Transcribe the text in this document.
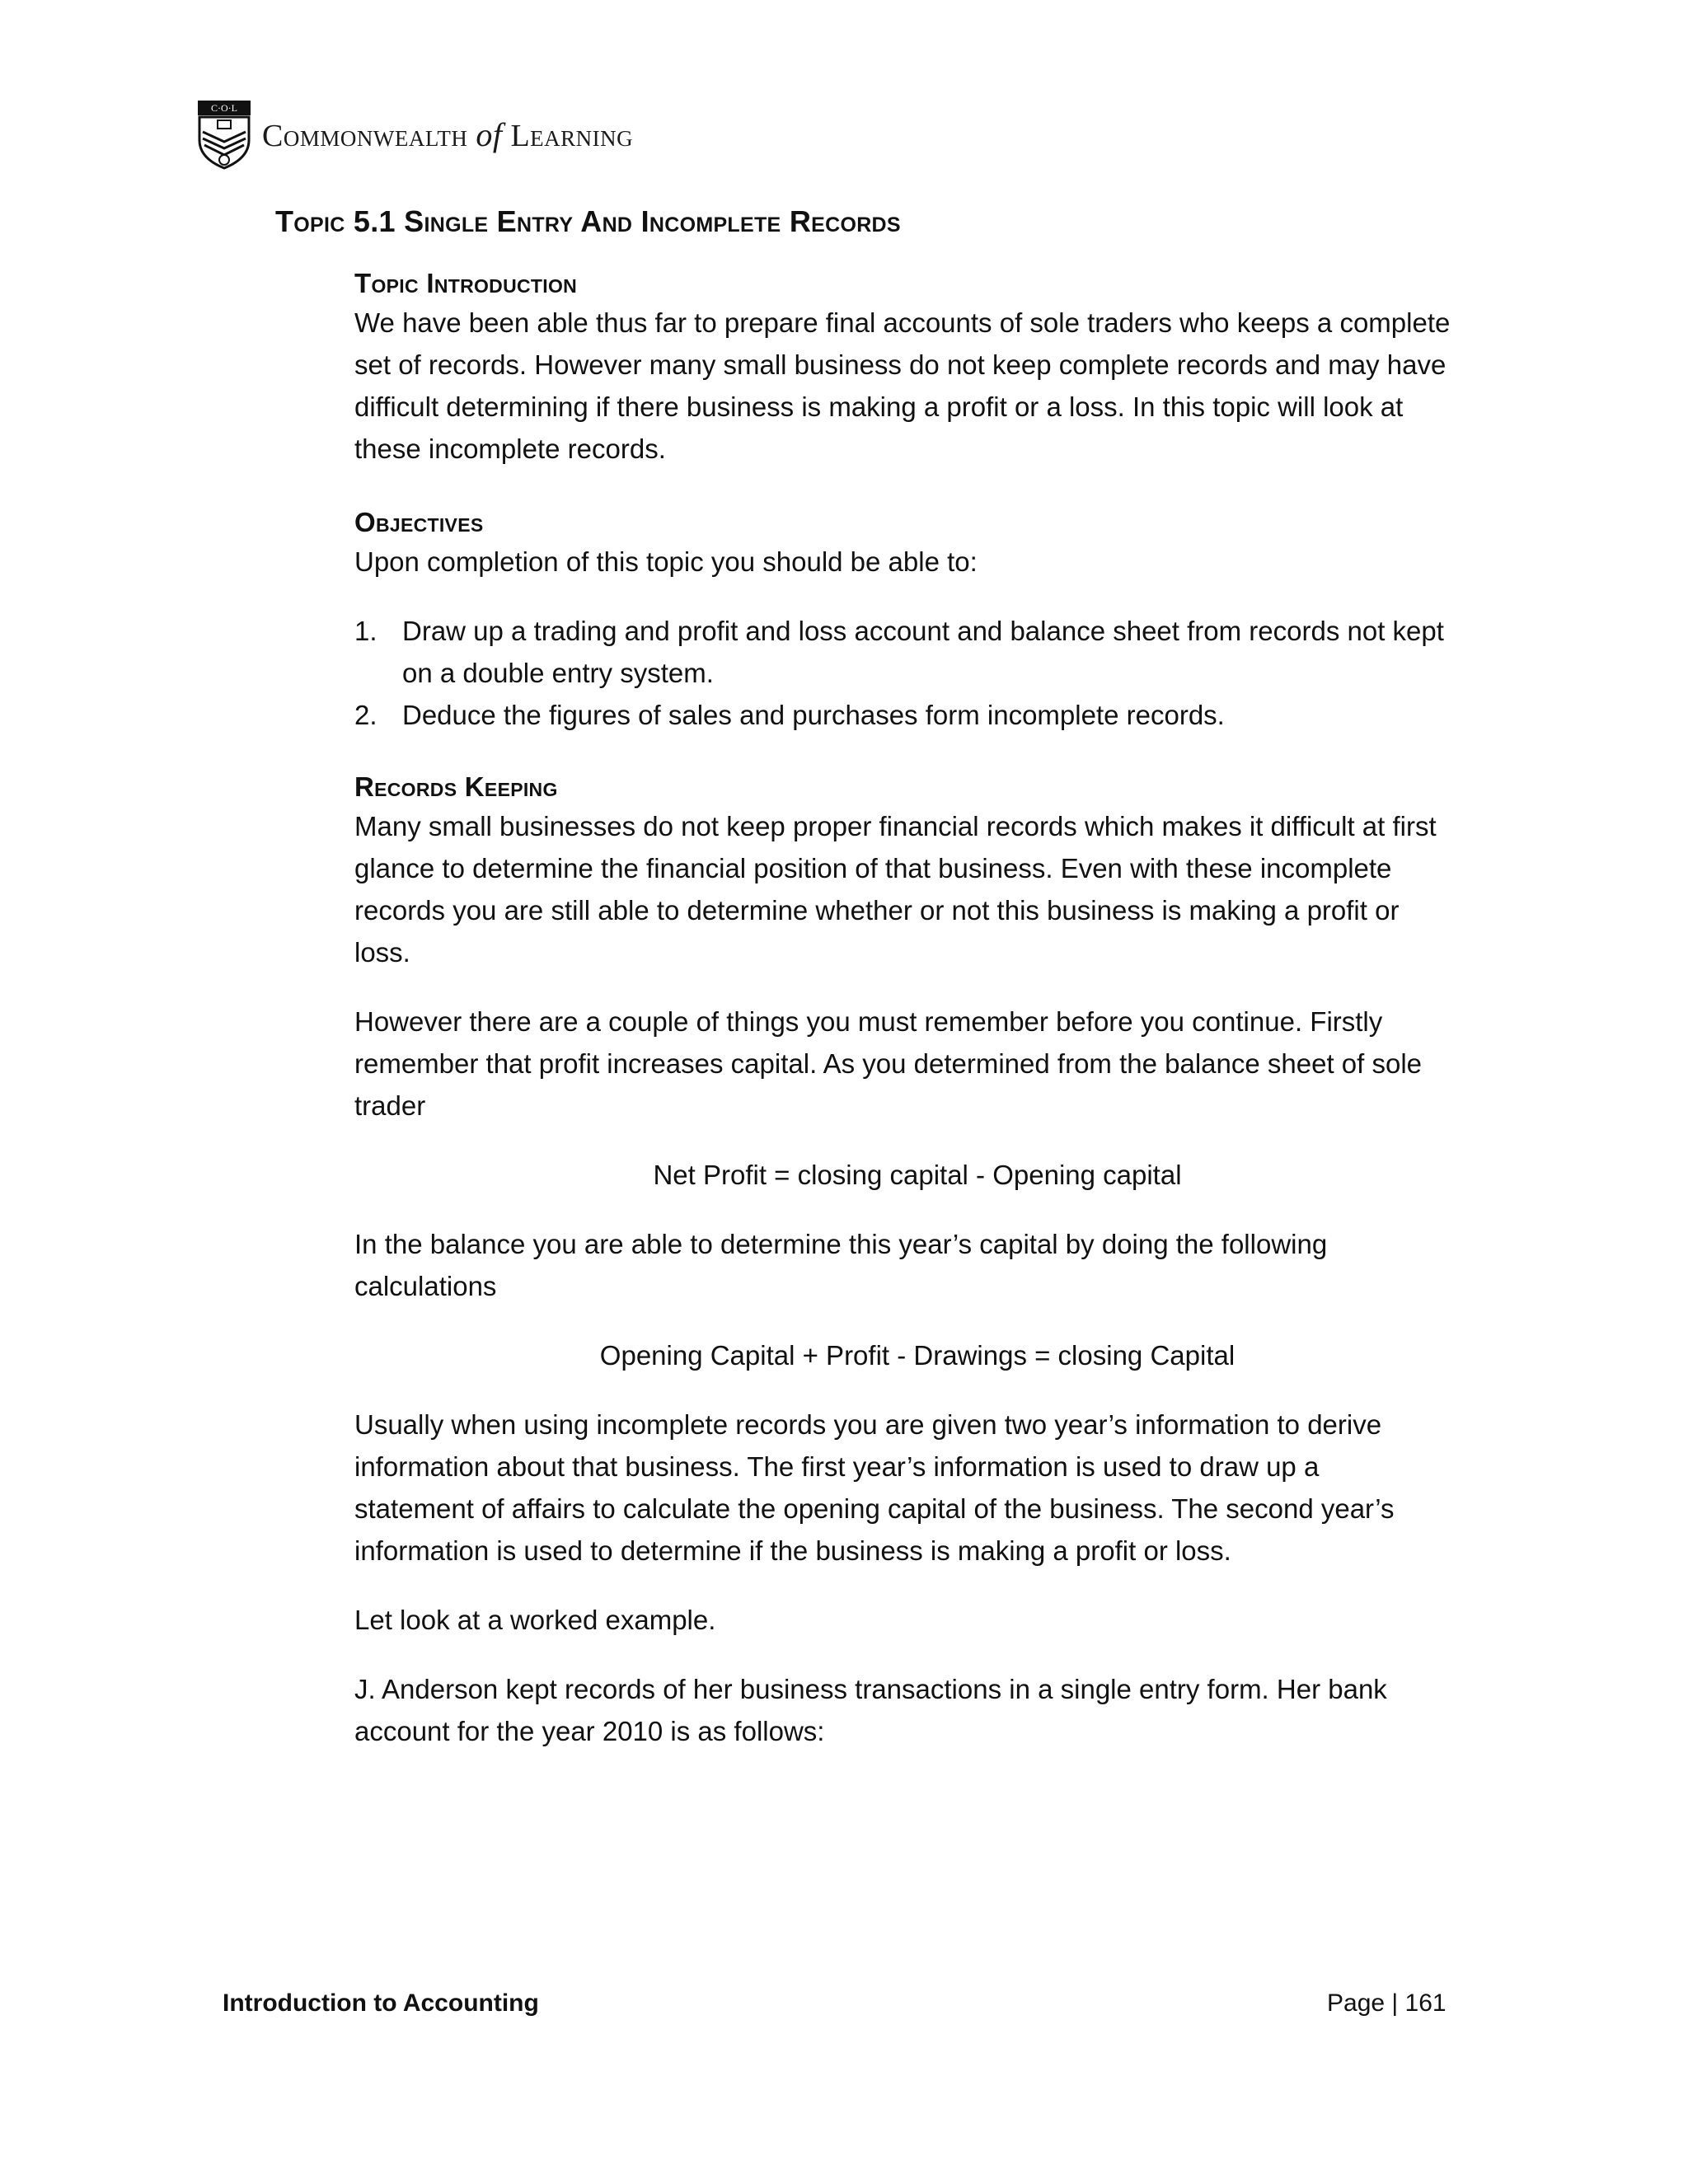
C·O·L
Commonwealth of Learning
Topic 5.1 Single Entry And Incomplete Records
Topic Introduction

We have been able thus far to prepare final accounts of sole traders who keeps a complete
set of records. However many small business do not keep complete records and may have
difficult determining if there business is making a profit or a loss. In this topic will look at
these incomplete records.

Objectives

Upon completion of this topic you should be able to:

1. Draw up a trading and profit and loss account and balance sheet from records not kept
on a double entry system.
2. Deduce the figures of sales and purchases form incomplete records.
Records Keeping

Many small businesses do not keep proper financial records which makes it difficult at first
glance to determine the financial position of that business. Even with these incomplete
records you are still able to determine whether or not this business is making a profit or
loss.

However there are a couple of things you must remember before you continue. Firstly
remember that profit increases capital. As you determined from the balance sheet of sole
trader

Net Profit = closing capital - Opening capital

In the balance you are able to determine this year’s capital by doing the following
calculations

Opening Capital + Profit - Drawings = closing Capital

Usually when using incomplete records you are given two year’s information to derive
information about that business. The first year’s information is used to draw up a
statement of affairs to calculate the opening capital of the business. The second year’s
information is used to determine if the business is making a profit or loss.

Let look at a worked example.

J. Anderson kept records of her business transactions in a single entry form. Her bank
account for the year 2010 is as follows:

Introduction to Accounting	Page | 161
